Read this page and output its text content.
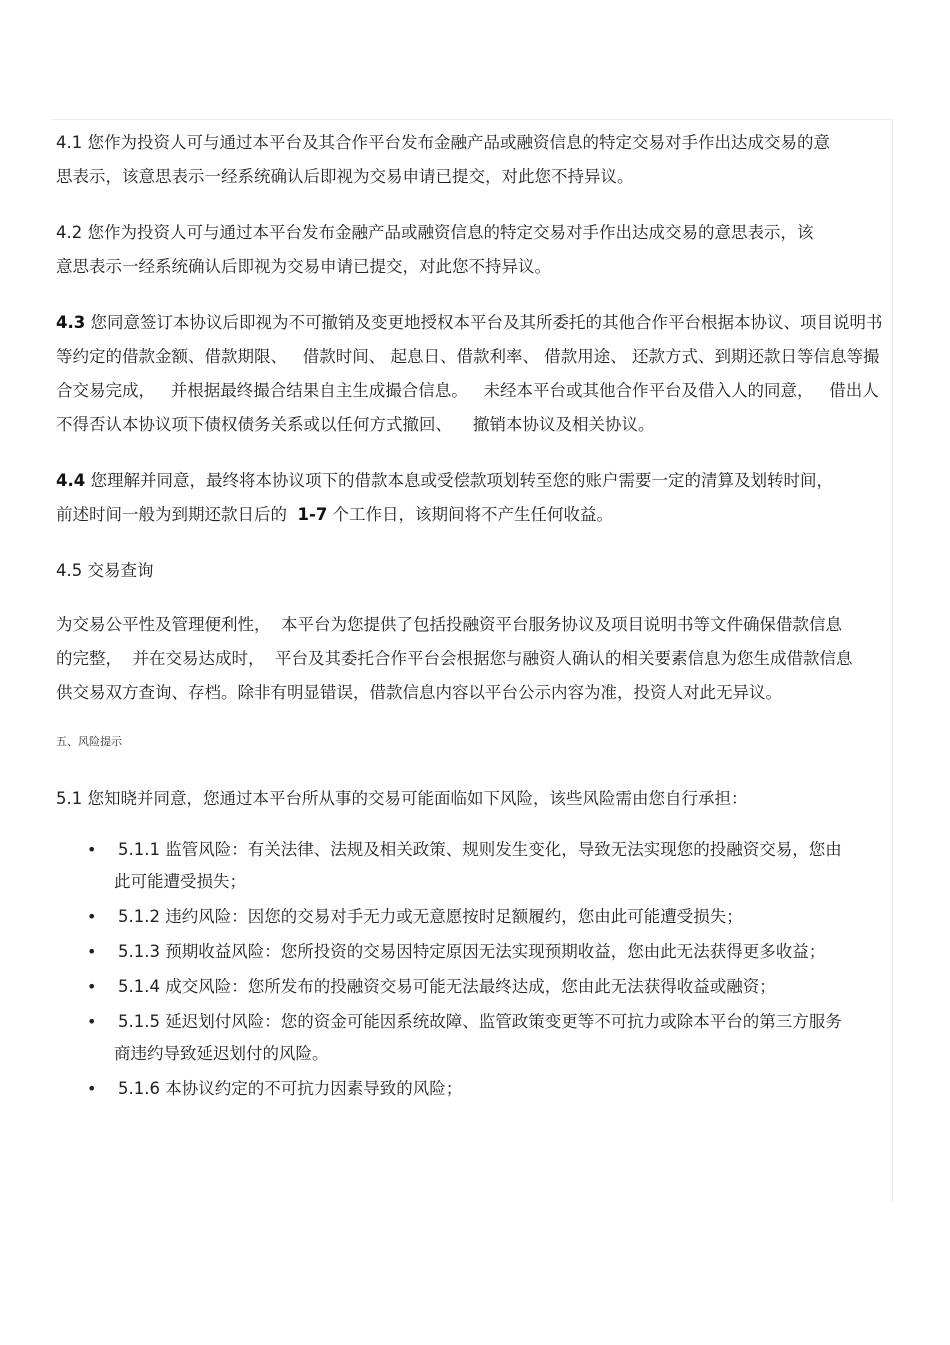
4.1 您作为投资人可与通过本平台及其合作平台发布金融产品或融资信息的特定交易对手作出达成交易的意思表示，该意思表示一经系统确认后即视为交易申请已提交，对此您不持异议。

4.2 您作为投资人可与通过本平台发布金融产品或融资信息的特定交易对手作出达成交易的意思表示，该意思表示一经系统确认后即视为交易申请已提交，对此您不持异议。

4.3 您同意签订本协议后即视为不可撤销及变更地授权本平台及其所委托的其他合作平台根据本协议、项目说明书等约定的借款金额、借款期限、   借款时间、 起息日、借款利率、 借款用途、 还款方式、到期还款日等信息等撮合交易完成，   并根据最终撮合结果自主生成撮合信息。   未经本平台或其他合作平台及借入人的同意，   借出人不得否认本协议项下债权债务关系或以任何方式撤回、    撤销本协议及相关协议。

4.4 您理解并同意，最终将本协议项下的借款本息或受偿款项划转至您的账户需要一定的清算及划转时间，前述时间一般为到期还款日后的  1-7 个工作日，该期间将不产生任何收益。

4.5 交易查询

为交易公平性及管理便利性，  本平台为您提供了包括投融资平台服务协议及项目说明书等文件确保借款信息的完整，  并在交易达成时，  平台及其委托合作平台会根据您与融资人确认的相关要素信息为您生成借款信息供交易双方查询、存档。除非有明显错误，借款信息内容以平台公示内容为准，投资人对此无异议。

五、风险提示

5.1 您知晓并同意，您通过本平台所从事的交易可能面临如下风险，该些风险需由您自行承担：

• 5.1.1 监管风险：有关法律、法规及相关政策、规则发生变化，导致无法实现您的投融资交易，您由此可能遭受损失；
• 5.1.2 违约风险：因您的交易对手无力或无意愿按时足额履约，您由此可能遭受损失；
• 5.1.3 预期收益风险：您所投资的交易因特定原因无法实现预期收益，您由此无法获得更多收益；
• 5.1.4 成交风险：您所发布的投融资交易可能无法最终达成，您由此无法获得收益或融资；
• 5.1.5 延迟划付风险：您的资金可能因系统故障、监管政策变更等不可抗力或除本平台的第三方服务商违约导致延迟划付的风险。
• 5.1.6 本协议约定的不可抗力因素导致的风险；
